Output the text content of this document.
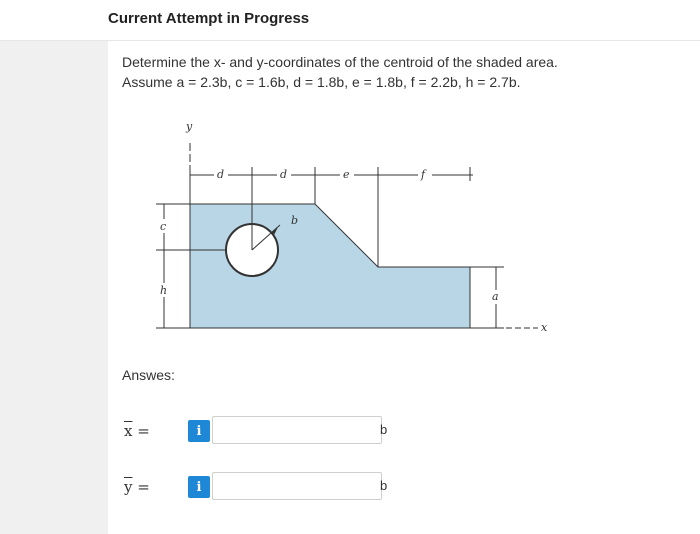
Current Attempt in Progress
Determine the x- and y-coordinates of the centroid of the shaded area.
Assume a = 2.3b, c = 1.6b, d = 1.8b, e = 1.8b, f = 2.2b, h = 2.7b.
y
x
d	d	e	f
b
c
h	a
Answes:
$\overline{x}$ =	i	b
$\overline{y}$ =	i	b
